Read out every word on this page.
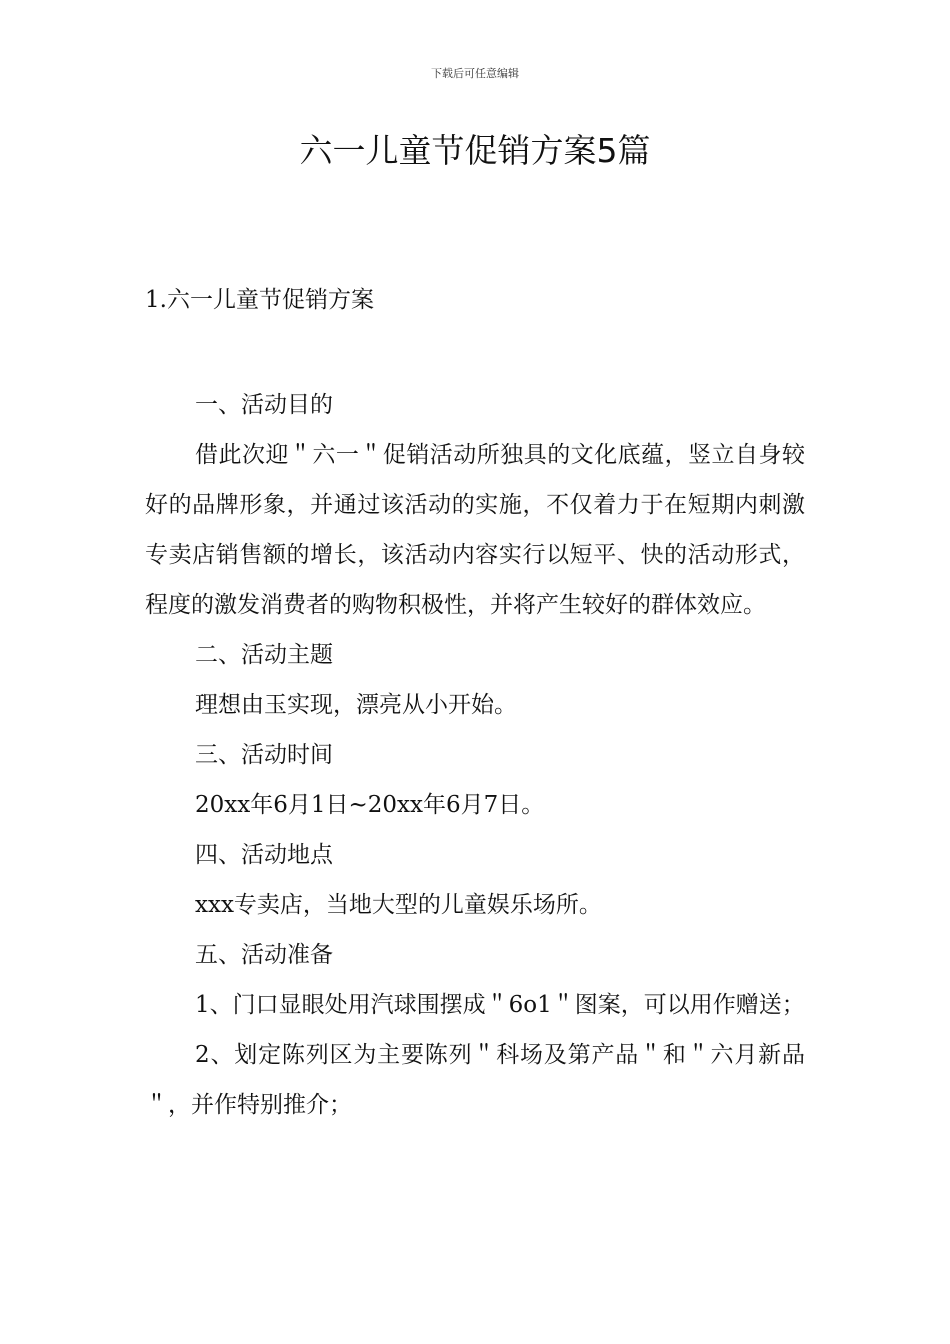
下载后可任意编辑
六一儿童节促销方案5篇

1.六一儿童节促销方案

一、活动目的

借此次迎＂六一＂促销活动所独具的文化底蕴，竖立自身较好的品牌形象，并通过该活动的实施，不仅着力于在短期内刺激专卖店销售额的增长，该活动内容实行以短平、快的活动形式，程度的激发消费者的购物积极性，并将产生较好的群体效应。

二、活动主题

理想由玉实现，漂亮从小开始。

三、活动时间

20xx年6月1日~20xx年6月7日。

四、活动地点

xxx专卖店，当地大型的儿童娱乐场所。

五、活动准备

1、门口显眼处用汽球围摆成＂6o1＂图案，可以用作赠送；

2、划定陈列区为主要陈列＂科场及第产品＂和＂六月新品＂，并作特别推介；
